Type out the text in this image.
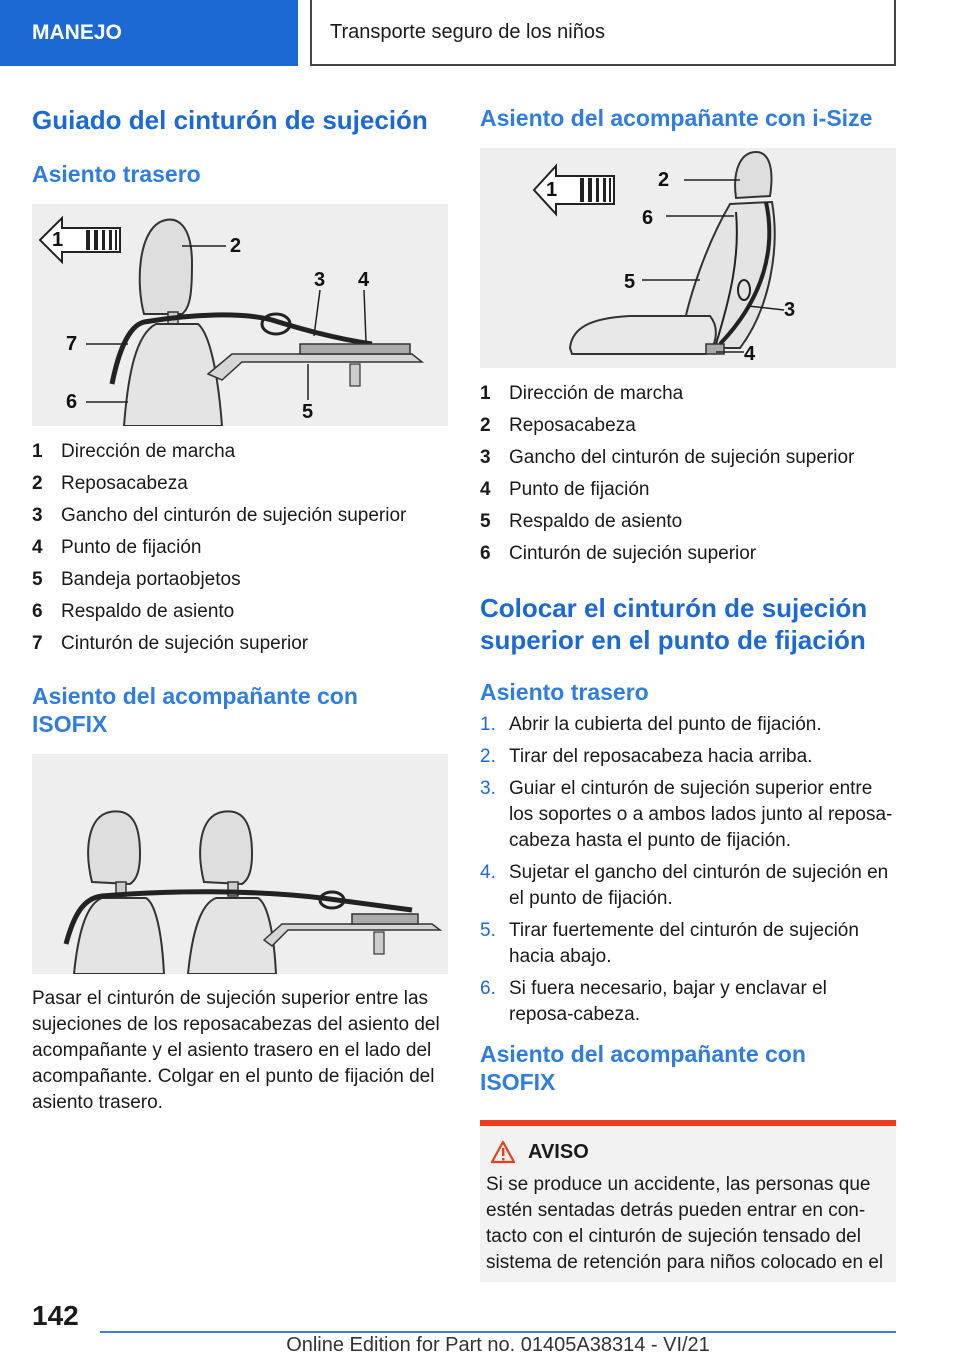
MANEJO	Transporte seguro de los niños
Guiado del cinturón de sujeción
Asiento trasero
1	2
3 4
5
6
7
1 Dirección de marcha
2 Reposacabeza
3 Gancho del cinturón de sujeción superior
4 Punto de fijación
5 Bandeja portaobjetos
6 Respaldo de asiento
7 Cinturón de sujeción superior
Asiento del acompañante con ISOFIX

Pasar el cinturón de sujeción superior entre las sujeciones de los reposacabezas del asiento del acompañante y el asiento trasero en el lado del acompañante. Colgar en el punto de fijación del asiento trasero.

Asiento del acompañante con i-Size
1	2
3
4
5
6
1 Dirección de marcha
2 Reposacabeza
3 Gancho del cinturón de sujeción superior
4 Punto de fijación
5 Respaldo de asiento
6 Cinturón de sujeción superior
Colocar el cinturón de sujeción superior en el punto de fijación
Asiento trasero
1. Abrir la cubierta del punto de fijación.
2. Tirar del reposacabeza hacia arriba.
3. Guiar el cinturón de sujeción superior entre los soportes o a ambos lados junto al reposa-cabeza hasta el punto de fijación.
4. Sujetar el gancho del cinturón de sujeción en el punto de fijación.
5. Tirar fuertemente del cinturón de sujeción hacia abajo.
6. Si fuera necesario, bajar y enclavar el reposa-cabeza.
Asiento del acompañante con ISOFIX
AVISO

Si se produce un accidente, las personas que estén sentadas detrás pueden entrar en con-tacto con el cinturón de sujeción tensado del sistema de retención para niños colocado en el

142
Online Edition for Part no. 01405A38314 - VI/21
